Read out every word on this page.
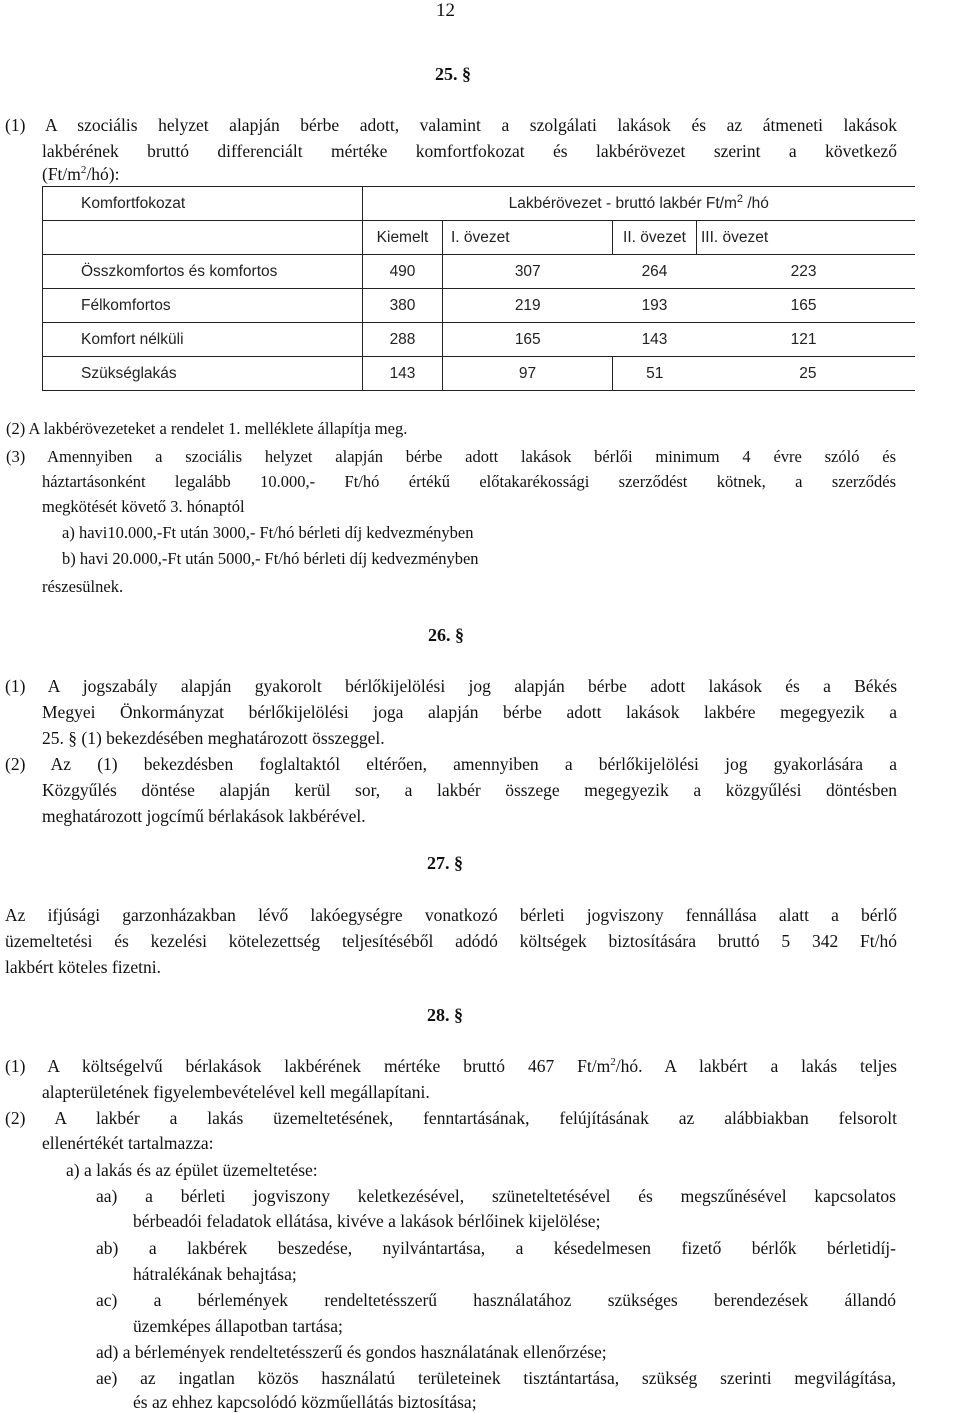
12
25. §
(1) A szociális helyzet alapján bérbe adott, valamint a szolgálati lakások és az átmeneti lakások
lakbérének bruttó differenciált mértéke komfortfokozat és lakbérövezet szerint a következő
$(Ft/m^2/hó)$:
Komfortfokozat	Lakbérövezet - bruttó lakbér $Ft/m^2$ /hó			
	Kiemelt	I. övezet	II. övezet	III. övezet
Összkomfortos és komfortos	490	307	264	223
Félkomfortos	380	219	193	165
Komfort nélküli	288	165	143	121
Szükséglakás	143	97	51	25
(2) A lakbérövezeteket a rendelet 1. melléklete állapítja meg.
(3) Amennyiben a szociális helyzet alapján bérbe adott lakások bérlői minimum 4 évre szóló és
háztartásonként legalább 10.000,- Ft/hó értékű előtakarékossági szerződést kötnek, a szerződés
megkötését követő 3. hónaptól
a) havi10.000,-Ft után 3000,- Ft/hó bérleti díj kedvezményben
b) havi 20.000,-Ft után 5000,- Ft/hó bérleti díj kedvezményben
részesülnek.
26. §
(1) A jogszabály alapján gyakorolt bérlőkijelölési jog alapján bérbe adott lakások és a Békés
Megyei Önkormányzat bérlőkijelölési joga alapján bérbe adott lakások lakbére megegyezik a
25. § (1) bekezdésében meghatározott összeggel.
(2) Az (1) bekezdésben foglaltaktól eltérően, amennyiben a bérlőkijelölési jog gyakorlására a
Közgyűlés döntése alapján kerül sor, a lakbér összege megegyezik a közgyűlési döntésben
meghatározott jogcímű bérlakások lakbérével.
27. §
Az ifjúsági garzonházakban lévő lakóegységre vonatkozó bérleti jogviszony fennállása alatt a bérlő
üzemeltetési és kezelési kötelezettség teljesítéséből adódó költségek biztosítására bruttó 5 342 Ft/hó
lakbért köteles fizetni.
28. §
(1) A költségelvű bérlakások lakbérének mértéke bruttó 467 $Ft/m^2/hó$. A lakbért a lakás teljes
alapterületének figyelembevételével kell megállapítani.
(2) A lakbér a lakás üzemeltetésének, fenntartásának, felújításának az alábbiakban felsorolt
ellenértékét tartalmazza:
a) a lakás és az épület üzemeltetése:
aa) a bérleti jogviszony keletkezésével, szüneteltetésével és megszűnésével kapcsolatos
bérbeadói feladatok ellátása, kivéve a lakások bérlőinek kijelölése;
ab) a lakbérek beszedése, nyilvántartása, a késedelmesen fizető bérlők bérletidíj-
hátralékának behajtása;
ac) a bérlemények rendeltetésszerű használatához szükséges berendezések állandó
üzemképes állapotban tartása;
ad) a bérlemények rendeltetésszerű és gondos használatának ellenőrzése;
ae) az ingatlan közös használatú területeinek tisztántartása, szükség szerinti megvilágítása,
és az ehhez kapcsolódó közműellátás biztosítása;
